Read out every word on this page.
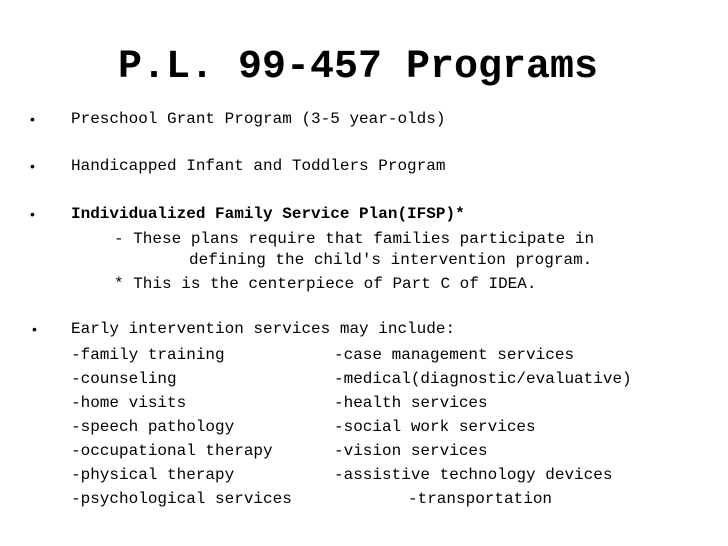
P.L. 99-457 Programs
• Preschool Grant Program (3-5 year-olds)
• Handicapped Infant and Toddlers Program
• Individualized Family Service Plan(IFSP)*
- These plans require that families participate in
defining the child's intervention program.
* This is the centerpiece of Part C of IDEA.
• Early intervention services may include:
-family training
-counseling
-home visits
-speech pathology
-occupational therapy
-physical therapy
-psychological services
-case management services
-medical(diagnostic/evaluative)
-health services
-social work services
-vision services
-assistive technology devices
-transportation
